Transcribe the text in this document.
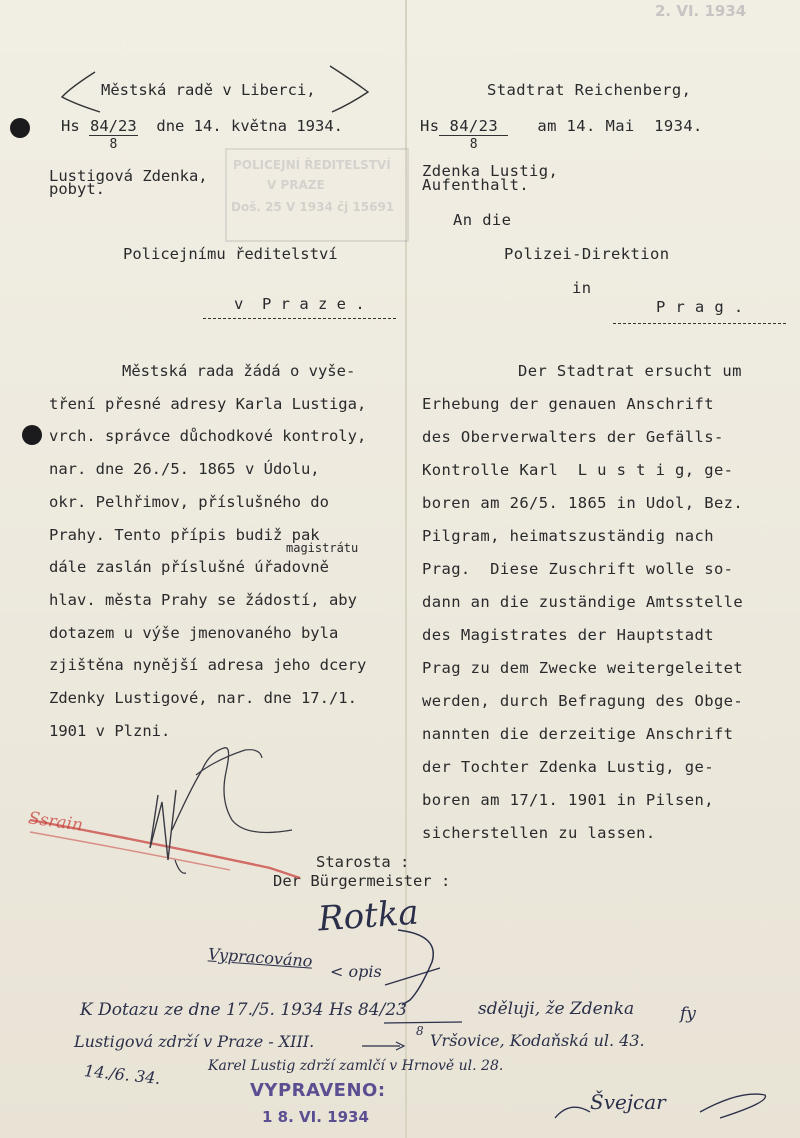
2. VI. 1934
POLICEJNÍ ŘEDITELSTVÍ
V PRAZE
Doš. 25 V 1934 čj 15691
Městská radě v Liberci,
Hs $\frac{84/23}{8}$ dne 14. května 1934.
Lustigová Zdenka,
pobyt.
Policejnímu ředitelství
v  P r a z e .
Městská rada žádá o vyše-
tření přesné adresy Karla Lustiga,
vrch. správce důchodkové kontroly,
nar. dne 26./5. 1865 v Údolu,
okr. Pelhřimov, příslušného do
Prahy. Tento přípis budiž pak
dále zaslán příslušné úřadovně
hlav. města Prahy se žádostí, aby
dotazem u výše jmenovaného byla
zjištěna nynější adresa jeho dcery
Zdenky Lustigové, nar. dne 17./1.
1901 v Plzni.
magistrátu
Starosta :
Stadtrat Reichenberg,
Hs $\frac{84/23}{8}$ am 14. Mai  1934.
Zdenka Lustig,
Aufenthalt.
An die
Polizei-Direktion
in
P r a g .
Der Stadtrat ersucht um
Erhebung der genauen Anschrift
des Oberverwalters der Gefälls-
Kontrolle Karl  L u s t i g, ge-
boren am 26/5. 1865 in Udol, Bez.
Pilgram, heimatszuständig nach
Prag.  Diese Zuschrift wolle so-
dann an die zuständige Amtsstelle
des Magistrates der Hauptstadt
Prag zu dem Zwecke weitergeleitet
werden, durch Befragung des Obge-
nannten die derzeitige Anschrift
der Tochter Zdenka Lustig, ge-
boren am 17/1. 1901 in Pilsen,
sicherstellen zu lassen.
Der Bürgermeister :
Ssrain
Rotka
Vypracováno
< opis
K Dotazu ze dne 17./5. 1934 Hs 84/23	sděluji, že Zdenka	fy
8
Lustigová zdrží v Praze - XIII.	Vršovice, Kodaňská ul. 43.
14./6. 34.	Karel Lustig zdrží zamlčí v Hrnově ul. 28.
VYPRAVENO:
1 8. VI. 1934
Švejcar
